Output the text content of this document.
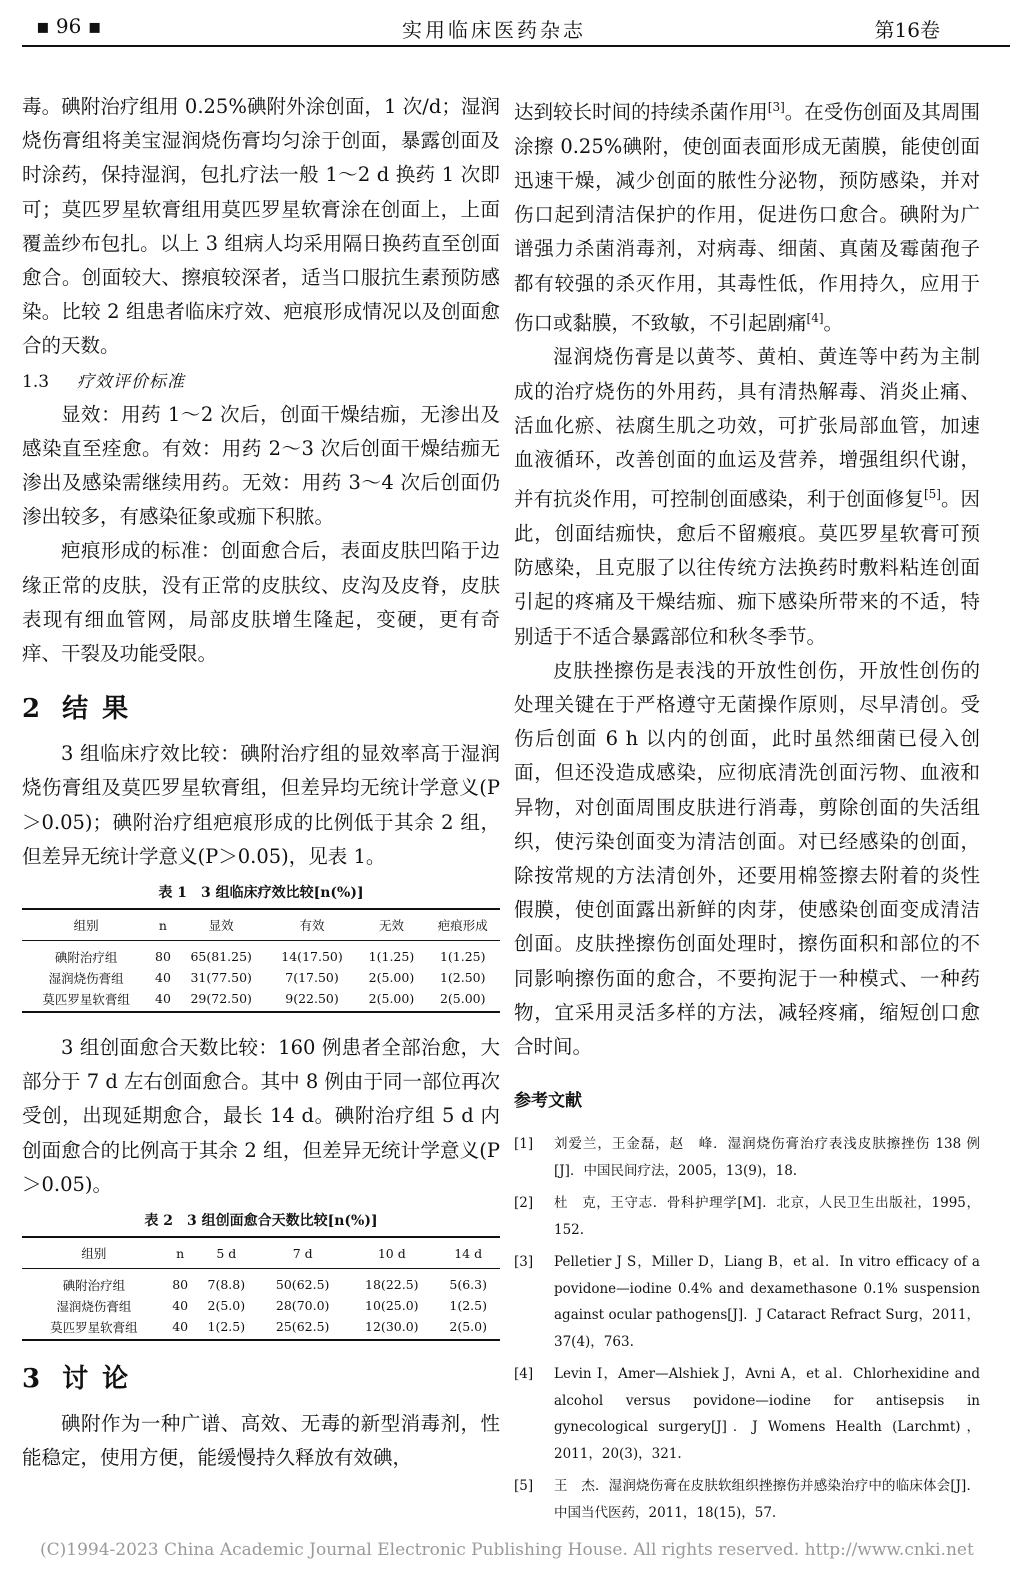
▪ 96 ▪	实用临床医药杂志	第16卷

毒。碘附治疗组用 0.25%碘附外涂创面，1 次/d；湿润烧伤膏组将美宝湿润烧伤膏均匀涂于创面，暴露创面及时涂药，保持湿润，包扎疗法一般 1～2 d 换药 1 次即可；莫匹罗星软膏组用莫匹罗星软膏涂在创面上，上面覆盖纱布包扎。以上 3 组病人均采用隔日换药直至创面愈合。创面较大、擦痕较深者，适当口服抗生素预防感染。比较 2 组患者临床疗效、疤痕形成情况以及创面愈合的天数。

1.3 疗效评价标准

显效：用药 1～2 次后，创面干燥结痂，无渗出及感染直至痊愈。有效：用药 2～3 次后创面干燥结痂无渗出及感染需继续用药。无效：用药 3～4 次后创面仍渗出较多，有感染征象或痂下积脓。

疤痕形成的标准：创面愈合后，表面皮肤凹陷于边缘正常的皮肤，没有正常的皮肤纹、皮沟及皮脊，皮肤表现有细血管网，局部皮肤增生隆起，变硬，更有奇痒、干裂及功能受限。

2 结果

3 组临床疗效比较：碘附治疗组的显效率高于湿润烧伤膏组及莫匹罗星软膏组，但差异均无统计学意义(P＞0.05)；碘附治疗组疤痕形成的比例低于其余 2 组，但差异无统计学意义(P＞0.05)，见表 1。

表 1　3 组临床疗效比较[n(%)]
组别	n	显效	有效	无效	疤痕形成
碘附治疗组	80	65(81.25)	14(17.50)	1(1.25)	1(1.25)
湿润烧伤膏组	40	31(77.50)	7(17.50)	2(5.00)	1(2.50)
莫匹罗星软膏组	40	29(72.50)	9(22.50)	2(5.00)	2(5.00)

3 组创面愈合天数比较：160 例患者全部治愈，大部分于 7 d 左右创面愈合。其中 8 例由于同一部位再次受创，出现延期愈合，最长 14 d。碘附治疗组 5 d 内创面愈合的比例高于其余 2 组，但差异无统计学意义(P＞0.05)。

表 2　3 组创面愈合天数比较[n(%)]
组别	n	5 d	7 d	10 d	14 d
碘附治疗组	80	7(8.8)	50(62.5)	18(22.5)	5(6.3)
湿润烧伤膏组	40	2(5.0)	28(70.0)	10(25.0)	1(2.5)
莫匹罗星软膏组	40	1(2.5)	25(62.5)	12(30.0)	2(5.0)
3 讨论

碘附作为一种广谱、高效、无毒的新型消毒剂，性能稳定，使用方便，能缓慢持久释放有效碘，

达到较长时间的持续杀菌作用[3]。在受伤创面及其周围涂擦 0.25%碘附，使创面表面形成无菌膜，能使创面迅速干燥，减少创面的脓性分泌物，预防感染，并对伤口起到清洁保护的作用，促进伤口愈合。碘附为广谱强力杀菌消毒剂，对病毒、细菌、真菌及霉菌孢子都有较强的杀灭作用，其毒性低，作用持久，应用于伤口或黏膜，不致敏，不引起剧痛[4]。

湿润烧伤膏是以黄芩、黄柏、黄连等中药为主制成的治疗烧伤的外用药，具有清热解毒、消炎止痛、活血化瘀、祛腐生肌之功效，可扩张局部血管，加速血液循环，改善创面的血运及营养，增强组织代谢，并有抗炎作用，可控制创面感染，利于创面修复[5]。因此，创面结痂快，愈后不留瘢痕。莫匹罗星软膏可预防感染，且克服了以往传统方法换药时敷料粘连创面引起的疼痛及干燥结痂、痂下感染所带来的不适，特别适于不适合暴露部位和秋冬季节。

皮肤挫擦伤是表浅的开放性创伤，开放性创伤的处理关键在于严格遵守无菌操作原则，尽早清创。受伤后创面 6 h 以内的创面，此时虽然细菌已侵入创面，但还没造成感染，应彻底清洗创面污物、血液和异物，对创面周围皮肤进行消毒，剪除创面的失活组织，使污染创面变为清洁创面。对已经感染的创面，除按常规的方法清创外，还要用棉签擦去附着的炎性假膜，使创面露出新鲜的肉芽，使感染创面变成清洁创面。皮肤挫擦伤创面处理时，擦伤面积和部位的不同影响擦伤面的愈合，不要拘泥于一种模式、一种药物，宜采用灵活多样的方法，减轻疼痛，缩短创口愈合时间。

参考文献
[1]	刘爱兰，王金磊，赵　峰．湿润烧伤膏治疗表浅皮肤擦挫伤 138 例[J]．中国民间疗法，2005，13(9)，18.
[2]	杜　克，王守志．骨科护理学[M]．北京，人民卫生出版社，1995，152.
[3]	Pelletier J S，Miller D，Liang B，et al．In vitro efficacy of a povidone—iodine 0.4% and dexamethasone 0.1% suspension against ocular pathogens[J]．J Cataract Refract Surg，2011，37(4)，763.
[4]	Levin I，Amer—Alshiek J，Avni A，et al．Chlorhexidine and alcohol versus povidone—iodine for antisepsis in gynecological surgery[J]．J Womens Health (Larchmt)，2011，20(3)，321.
[5]	王　杰．湿润烧伤膏在皮肤软组织挫擦伤并感染治疗中的临床体会[J]．中国当代医药，2011，18(15)，57.
(C)1994-2023 China Academic Journal Electronic Publishing House. All rights reserved. http://www.cnki.net
